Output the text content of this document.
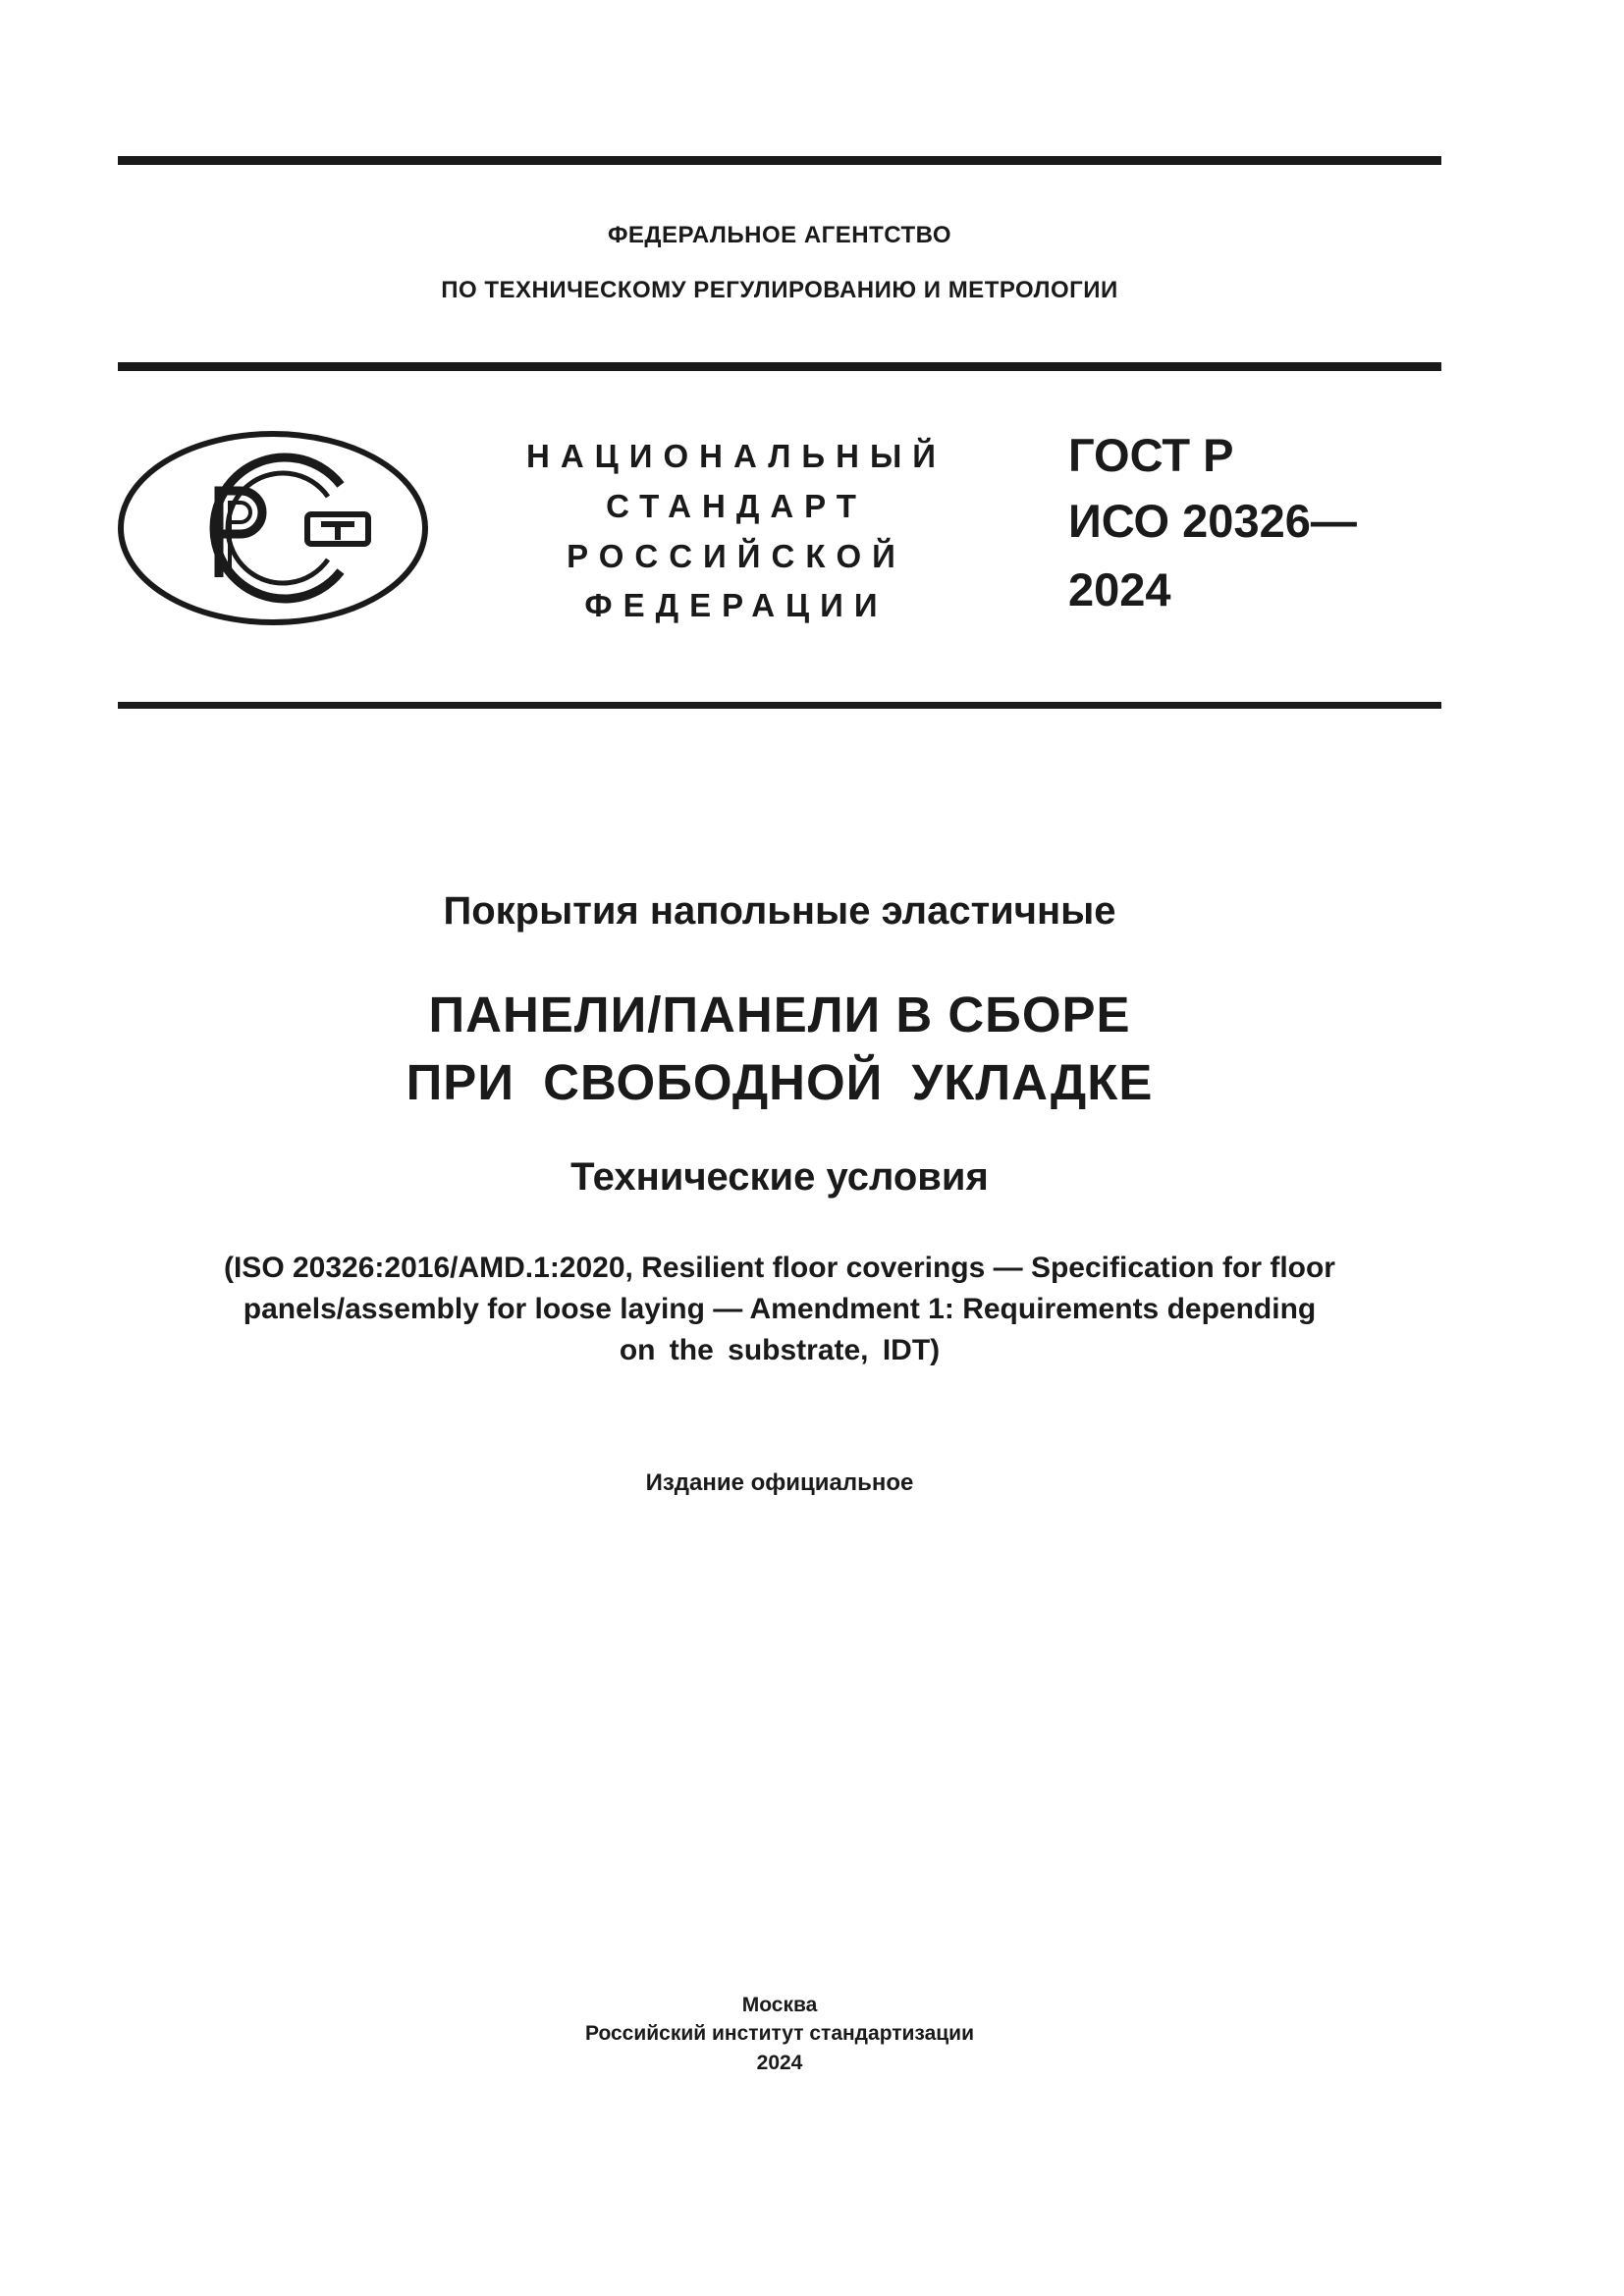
ФЕДЕРАЛЬНОЕ АГЕНТСТВО
ПО ТЕХНИЧЕСКОМУ РЕГУЛИРОВАНИЮ И МЕТРОЛОГИИ
НАЦИОНАЛЬНЫЙ
СТАНДАРТ
РОССИЙСКОЙ
ФЕДЕРАЦИИ
ГОСТ Р
ИСО 20326—
2024
Покрытия напольные эластичные
ПАНЕЛИ/ПАНЕЛИ В СБОРЕ
ПРИ СВОБОДНОЙ УКЛАДКЕ
Технические условия
(ISO 20326:2016/AMD.1:2020, Resilient floor coverings — Specification for floor
panels/assembly for loose laying — Amendment 1: Requirements depending
on the substrate, IDT)
Издание официальное
Москва
Российский институт стандартизации
2024
